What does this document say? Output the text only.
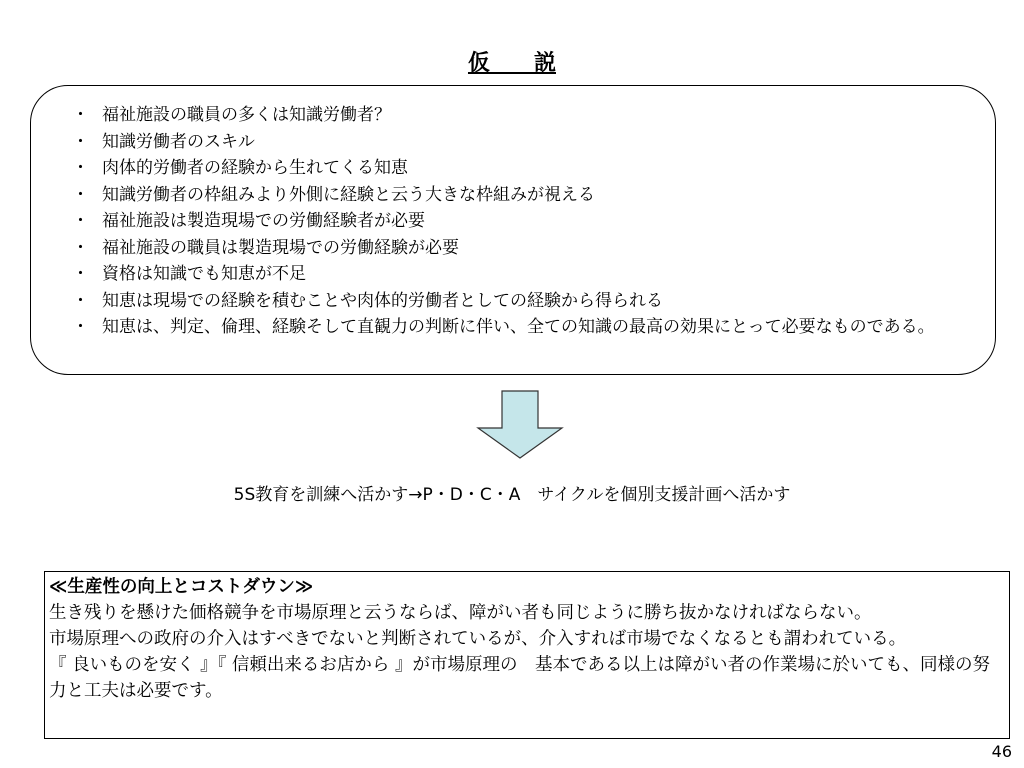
仮　　説
・ 福祉施設の職員の多くは知識労働者？
・ 知識労働者のスキル
・ 肉体的労働者の経験から生れてくる知恵
・ 知識労働者の枠組みより外側に経験と云う大きな枠組みが視える
・ 福祉施設は製造現場での労働経験者が必要
・ 福祉施設の職員は製造現場での労働経験が必要
・ 資格は知識でも知恵が不足
・ 知恵は現場での経験を積むことや肉体的労働者としての経験から得られる
・ 知恵は、判定、倫理、経験そして直観力の判断に伴い、全ての知識の最高の効果にとって必要なものである。
5S教育を訓練へ活かす→P・D・C・A　サイクルを個別支援計画へ活かす
≪生産性の向上とコストダウン≫
生き残りを懸けた価格競争を市場原理と云うならば、障がい者も同じように勝ち抜かなければならない。
市場原理への政府の介入はすべきでないと判断されているが、介入すれば市場でなくなるとも謂われている。
『 良いものを安く 』『 信頼出来るお店から 』が市場原理の　基本である以上は障がい者の作業場に於いても、同様の努力と工夫は必要です。
46
